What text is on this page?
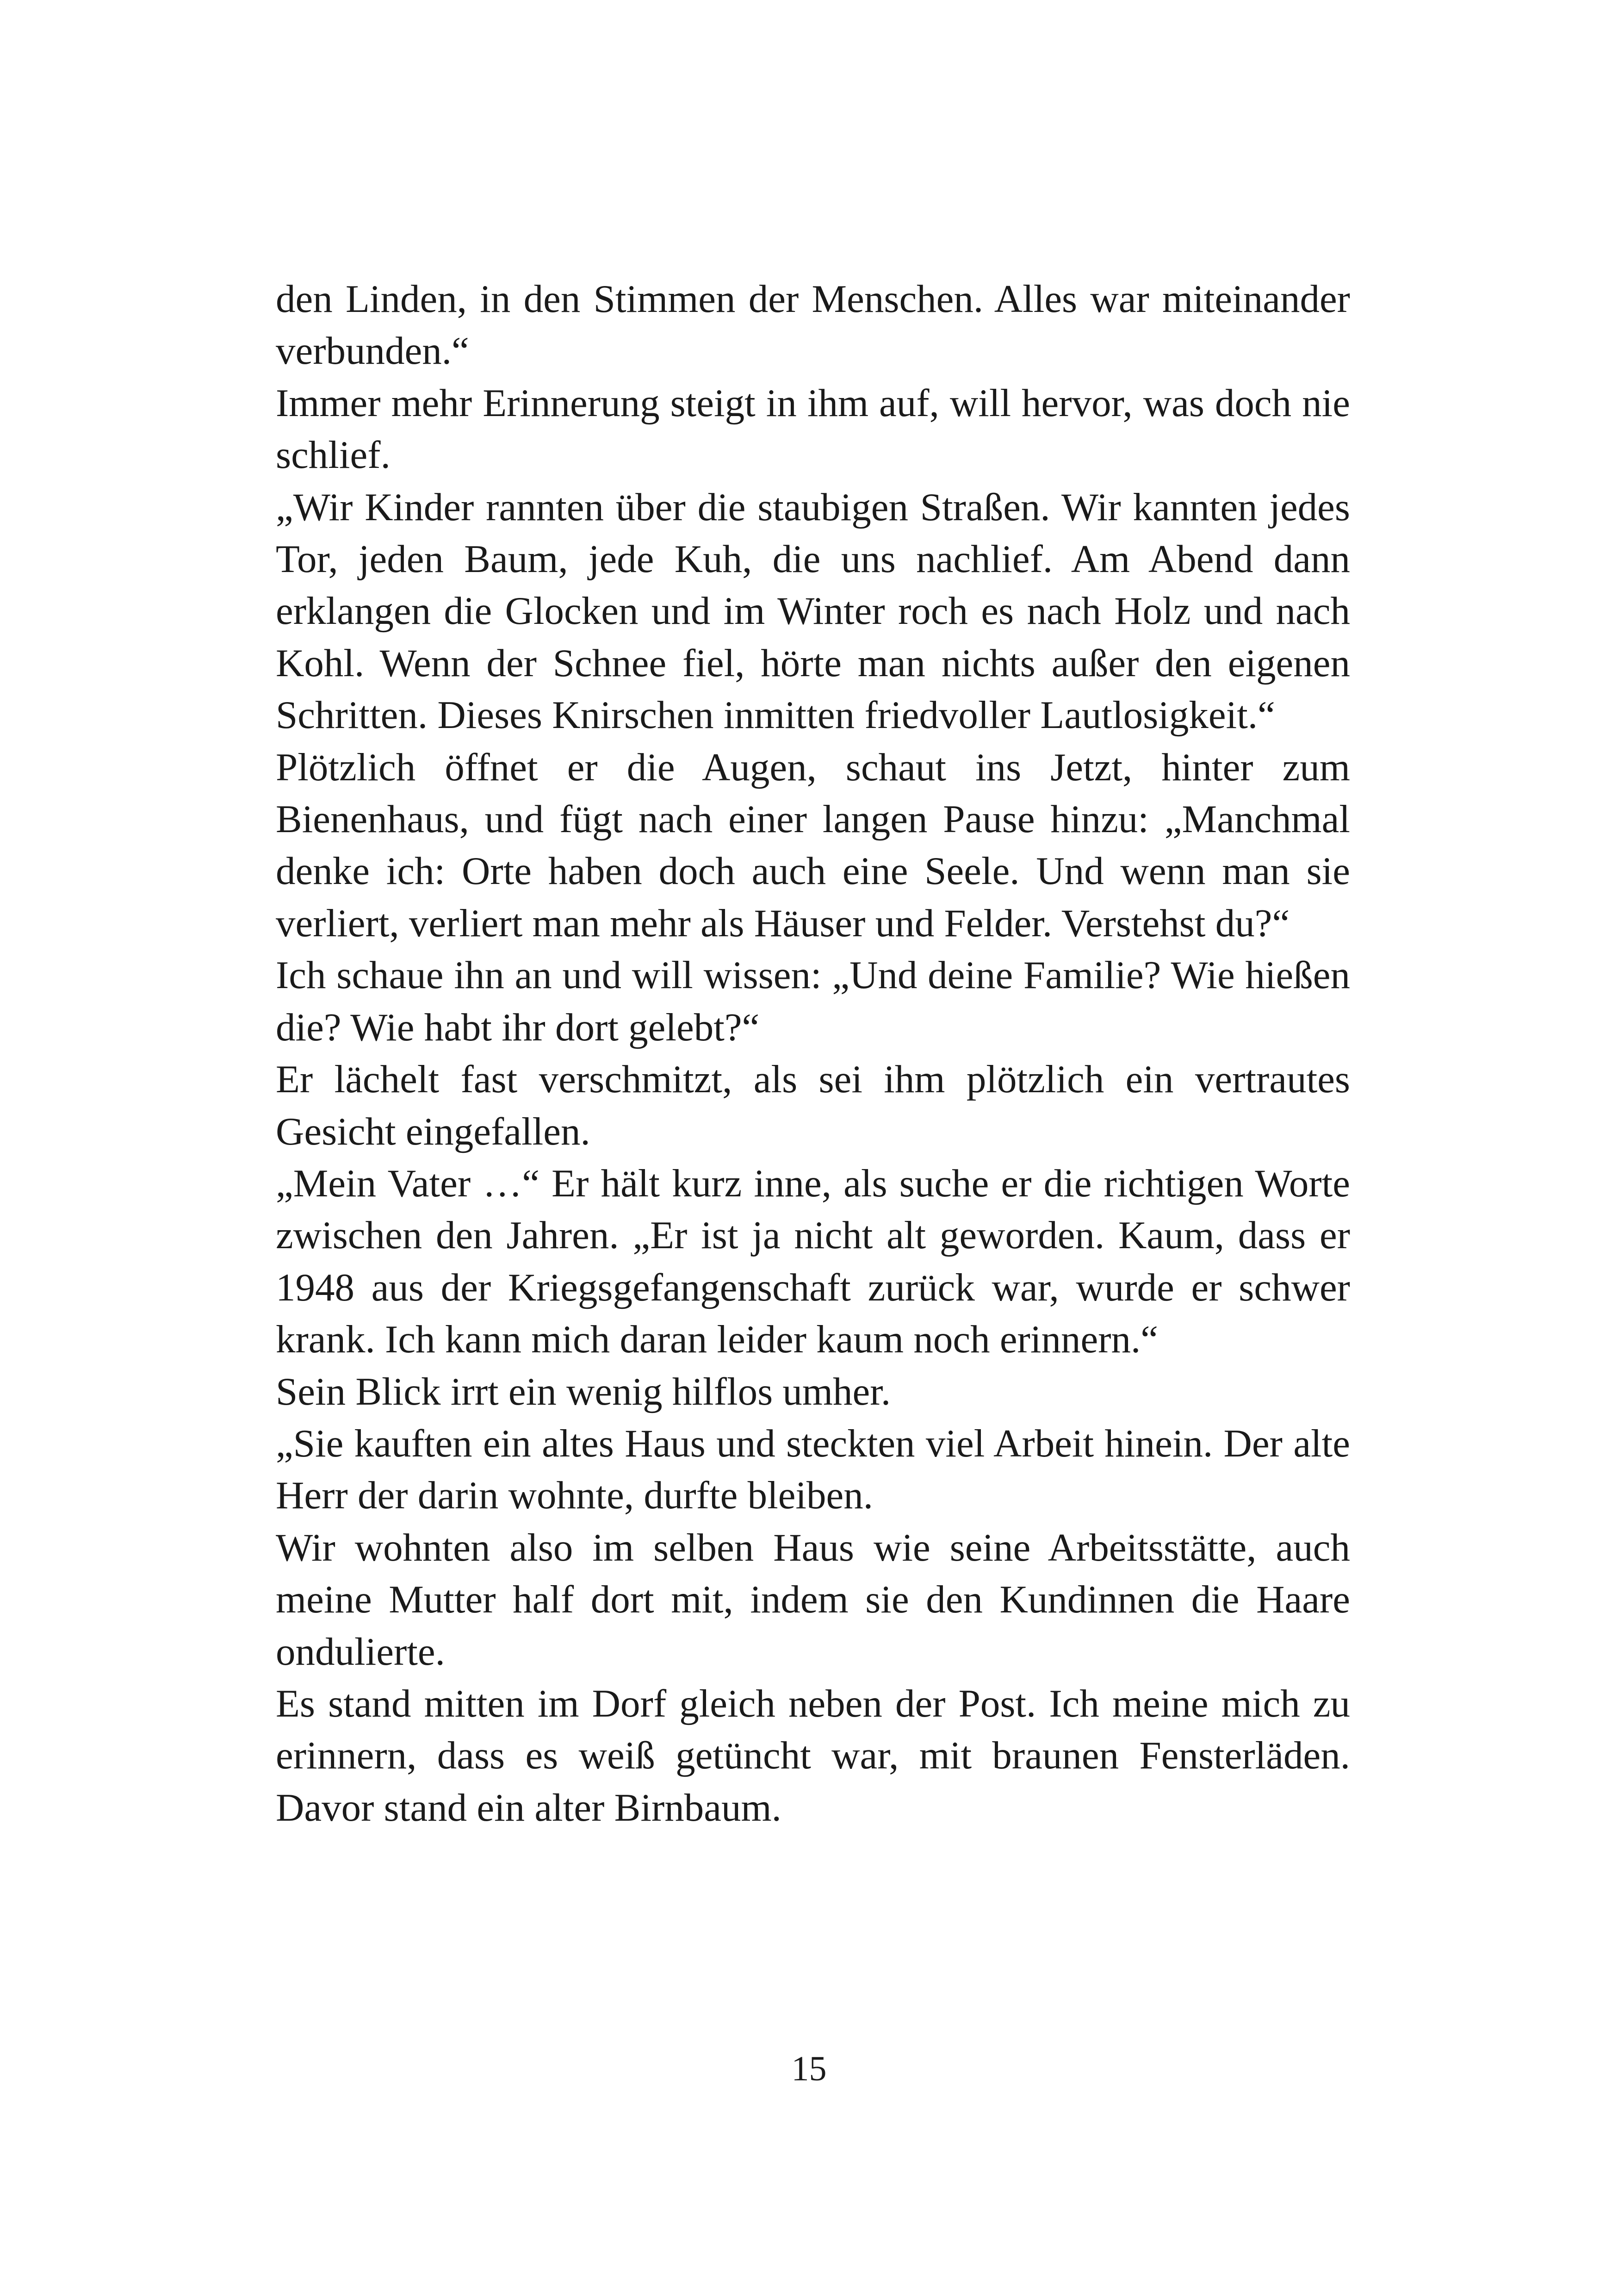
den Linden, in den Stimmen der Menschen. Alles war miteinander verbunden.“

Immer mehr Erinnerung steigt in ihm auf, will hervor, was doch nie schlief.

„Wir Kinder rannten über die staubigen Straßen. Wir kannten jedes Tor, jeden Baum, jede Kuh, die uns nachlief. Am Abend dann erklangen die Glocken und im Winter roch es nach Holz und nach Kohl. Wenn der Schnee fiel, hörte man nichts außer den eigenen Schritten. Dieses Knirschen inmitten friedvoller Lautlosigkeit.“

Plötzlich öffnet er die Augen, schaut ins Jetzt, hinter zum Bienenhaus, und fügt nach einer langen Pause hinzu: „Manchmal denke ich: Orte haben doch auch eine Seele. Und wenn man sie verliert, verliert man mehr als Häuser und Felder. Verstehst du?“

Ich schaue ihn an und will wissen: „Und deine Familie? Wie hießen die? Wie habt ihr dort gelebt?“

Er lächelt fast verschmitzt, als sei ihm plötzlich ein vertrautes Gesicht eingefallen.

„Mein Vater …“ Er hält kurz inne, als suche er die richtigen Worte zwischen den Jahren. „Er ist ja nicht alt geworden. Kaum, dass er 1948 aus der Kriegsgefangenschaft zurück war, wurde er schwer krank. Ich kann mich daran leider kaum noch erinnern.“

Sein Blick irrt ein wenig hilflos umher.

„Sie kauften ein altes Haus und steckten viel Arbeit hinein. Der alte Herr der darin wohnte, durfte bleiben.

Wir wohnten also im selben Haus wie seine Arbeitsstätte, auch meine Mutter half dort mit, indem sie den Kundinnen die Haare ondulierte.

Es stand mitten im Dorf gleich neben der Post. Ich meine mich zu erinnern, dass es weiß getüncht war, mit braunen Fensterläden. Davor stand ein alter Birnbaum.

15
